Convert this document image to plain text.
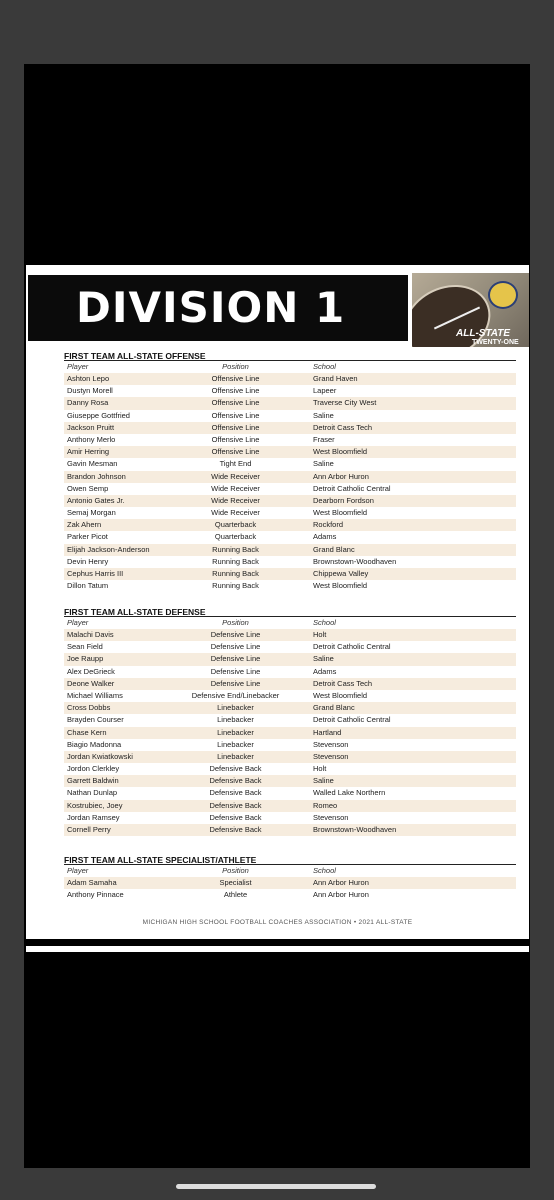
DIVISION 1
ALL-STATE
TWENTY-ONE
FIRST TEAM ALL-STATE OFFENSE
Player	Position	School
Ashton Lepo	Offensive Line	Grand Haven
Dustyn Morell	Offensive Line	Lapeer
Danny Rosa	Offensive Line	Traverse City West
Giuseppe Gottfried	Offensive Line	Saline
Jackson Pruitt	Offensive Line	Detroit Cass Tech
Anthony Merlo	Offensive Line	Fraser
Amir Herring	Offensive Line	West Bloomfield
Gavin Mesman	Tight End	Saline
Brandon Johnson	Wide Receiver	Ann Arbor Huron
Owen Semp	Wide Receiver	Detroit Catholic Central
Antonio Gates Jr.	Wide Receiver	Dearborn Fordson
Semaj Morgan	Wide Receiver	West Bloomfield
Zak Ahern	Quarterback	Rockford
Parker Picot	Quarterback	Adams
Elijah Jackson-Anderson	Running Back	Grand Blanc
Devin Henry	Running Back	Brownstown-Woodhaven
Cephus Harris III	Running Back	Chippewa Valley
Dillon Tatum	Running Back	West Bloomfield
FIRST TEAM ALL-STATE DEFENSE
Player	Position	School
Malachi Davis	Defensive Line	Holt
Sean Field	Defensive Line	Detroit Catholic Central
Joe Raupp	Defensive Line	Saline
Alex DeGrieck	Defensive Line	Adams
Deone Walker	Defensive Line	Detroit Cass Tech
Michael Williams	Defensive End/Linebacker	West Bloomfield
Cross Dobbs	Linebacker	Grand Blanc
Brayden Courser	Linebacker	Detroit Catholic Central
Chase Kern	Linebacker	Hartland
Biagio Madonna	Linebacker	Stevenson
Jordan Kwiatkowski	Linebacker	Stevenson
Jordon Clerkley	Defensive Back	Holt
Garrett Baldwin	Defensive Back	Saline
Nathan Dunlap	Defensive Back	Walled Lake Northern
Kostrubiec, Joey	Defensive Back	Romeo
Jordan Ramsey	Defensive Back	Stevenson
Cornell Perry	Defensive Back	Brownstown-Woodhaven
FIRST TEAM ALL-STATE SPECIALIST/ATHLETE
Player	Position	School
Adam Samaha	Specialist	Ann Arbor Huron
Anthony Pinnace	Athlete	Ann Arbor Huron
MICHIGAN HIGH SCHOOL FOOTBALL COACHES ASSOCIATION • 2021 ALL-STATE
